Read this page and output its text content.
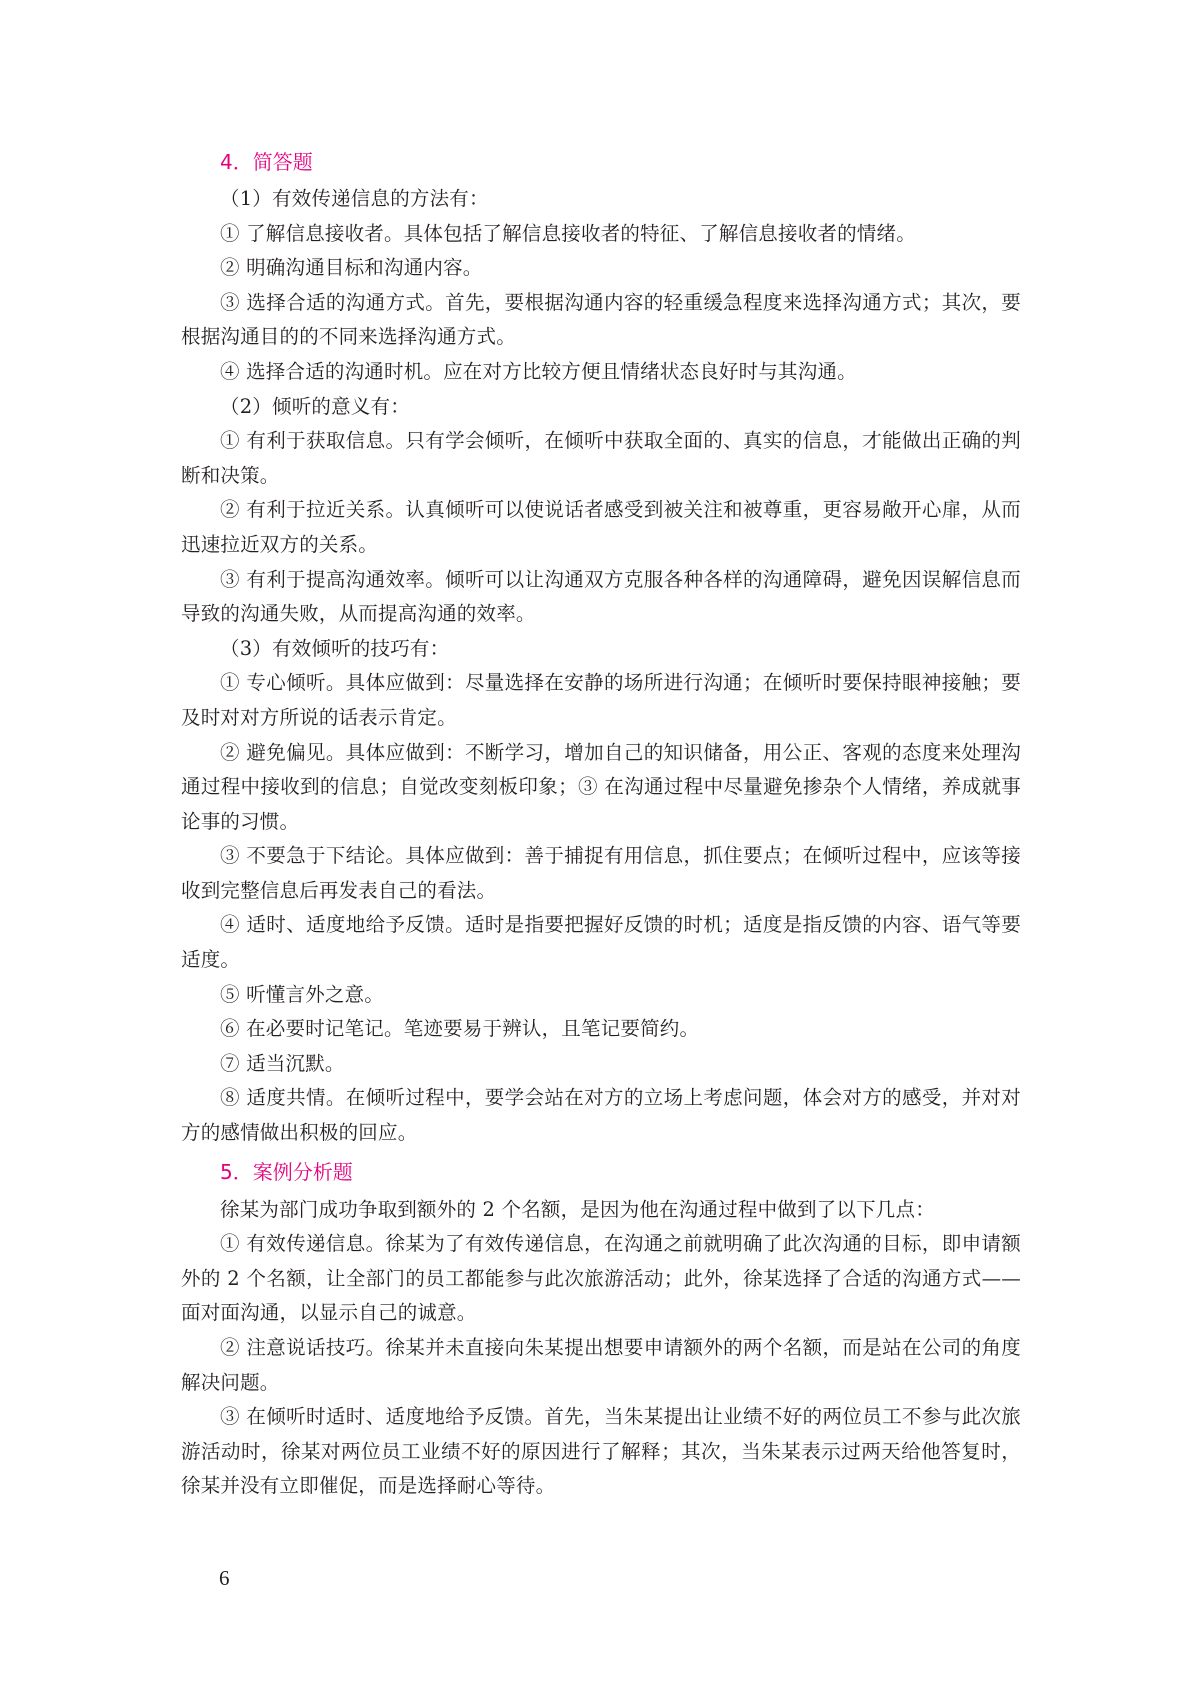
4．简答题

（1）有效传递信息的方法有：

① 了解信息接收者。具体包括了解信息接收者的特征、了解信息接收者的情绪。

② 明确沟通目标和沟通内容。

③ 选择合适的沟通方式。首先，要根据沟通内容的轻重缓急程度来选择沟通方式；其次，要根据沟通目的的不同来选择沟通方式。

④ 选择合适的沟通时机。应在对方比较方便且情绪状态良好时与其沟通。

（2）倾听的意义有：

① 有利于获取信息。只有学会倾听，在倾听中获取全面的、真实的信息，才能做出正确的判断和决策。

② 有利于拉近关系。认真倾听可以使说话者感受到被关注和被尊重，更容易敞开心扉，从而迅速拉近双方的关系。

③ 有利于提高沟通效率。倾听可以让沟通双方克服各种各样的沟通障碍，避免因误解信息而导致的沟通失败，从而提高沟通的效率。

（3）有效倾听的技巧有：

① 专心倾听。具体应做到：尽量选择在安静的场所进行沟通；在倾听时要保持眼神接触；要及时对对方所说的话表示肯定。

② 避免偏见。具体应做到：不断学习，增加自己的知识储备，用公正、客观的态度来处理沟通过程中接收到的信息；自觉改变刻板印象；③ 在沟通过程中尽量避免掺杂个人情绪，养成就事论事的习惯。

③ 不要急于下结论。具体应做到：善于捕捉有用信息，抓住要点；在倾听过程中，应该等接收到完整信息后再发表自己的看法。

④ 适时、适度地给予反馈。适时是指要把握好反馈的时机；适度是指反馈的内容、语气等要适度。

⑤ 听懂言外之意。

⑥ 在必要时记笔记。笔迹要易于辨认，且笔记要简约。

⑦ 适当沉默。

⑧ 适度共情。在倾听过程中，要学会站在对方的立场上考虑问题，体会对方的感受，并对对方的感情做出积极的回应。

5．案例分析题

徐某为部门成功争取到额外的 2 个名额，是因为他在沟通过程中做到了以下几点：

① 有效传递信息。徐某为了有效传递信息，在沟通之前就明确了此次沟通的目标，即申请额外的 2 个名额，让全部门的员工都能参与此次旅游活动；此外，徐某选择了合适的沟通方式——面对面沟通，以显示自己的诚意。

② 注意说话技巧。徐某并未直接向朱某提出想要申请额外的两个名额，而是站在公司的角度解决问题。

③ 在倾听时适时、适度地给予反馈。首先，当朱某提出让业绩不好的两位员工不参与此次旅游活动时，徐某对两位员工业绩不好的原因进行了解释；其次，当朱某表示过两天给他答复时，徐某并没有立即催促，而是选择耐心等待。

6
